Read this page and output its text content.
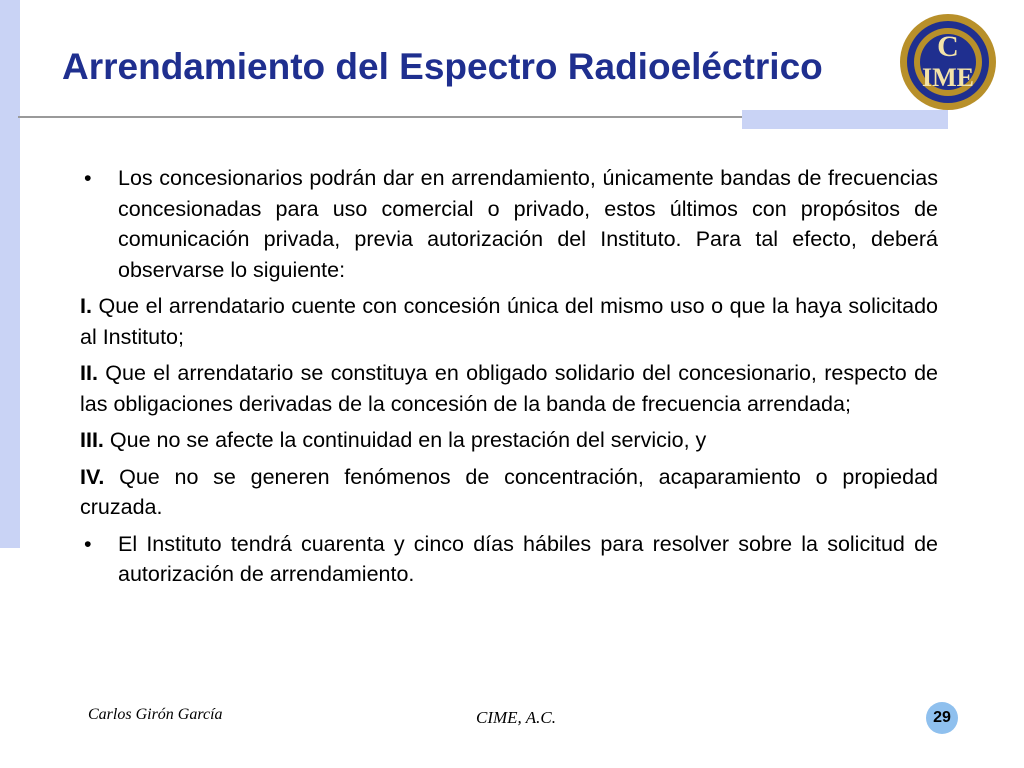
Arrendamiento del Espectro Radioeléctrico	C
IME

• Los concesionarios podrán dar en arrendamiento, únicamente bandas de frecuencias concesionadas para uso comercial o privado, estos últimos con propósitos de comunicación privada, previa autorización del Instituto. Para tal efecto, deberá observarse lo siguiente:

I. Que el arrendatario cuente con concesión única del mismo uso o que la haya solicitado al Instituto;

II. Que el arrendatario se constituya en obligado solidario del concesionario, respecto de las obligaciones derivadas de la concesión de la banda de frecuencia arrendada;

III. Que no se afecte la continuidad en la prestación del servicio, y

IV. Que no se generen fenómenos de concentración, acaparamiento o propiedad cruzada.

• El Instituto tendrá cuarenta y cinco días hábiles para resolver sobre la solicitud de autorización de arrendamiento.

Carlos Girón García	CIME, A.C.	29
